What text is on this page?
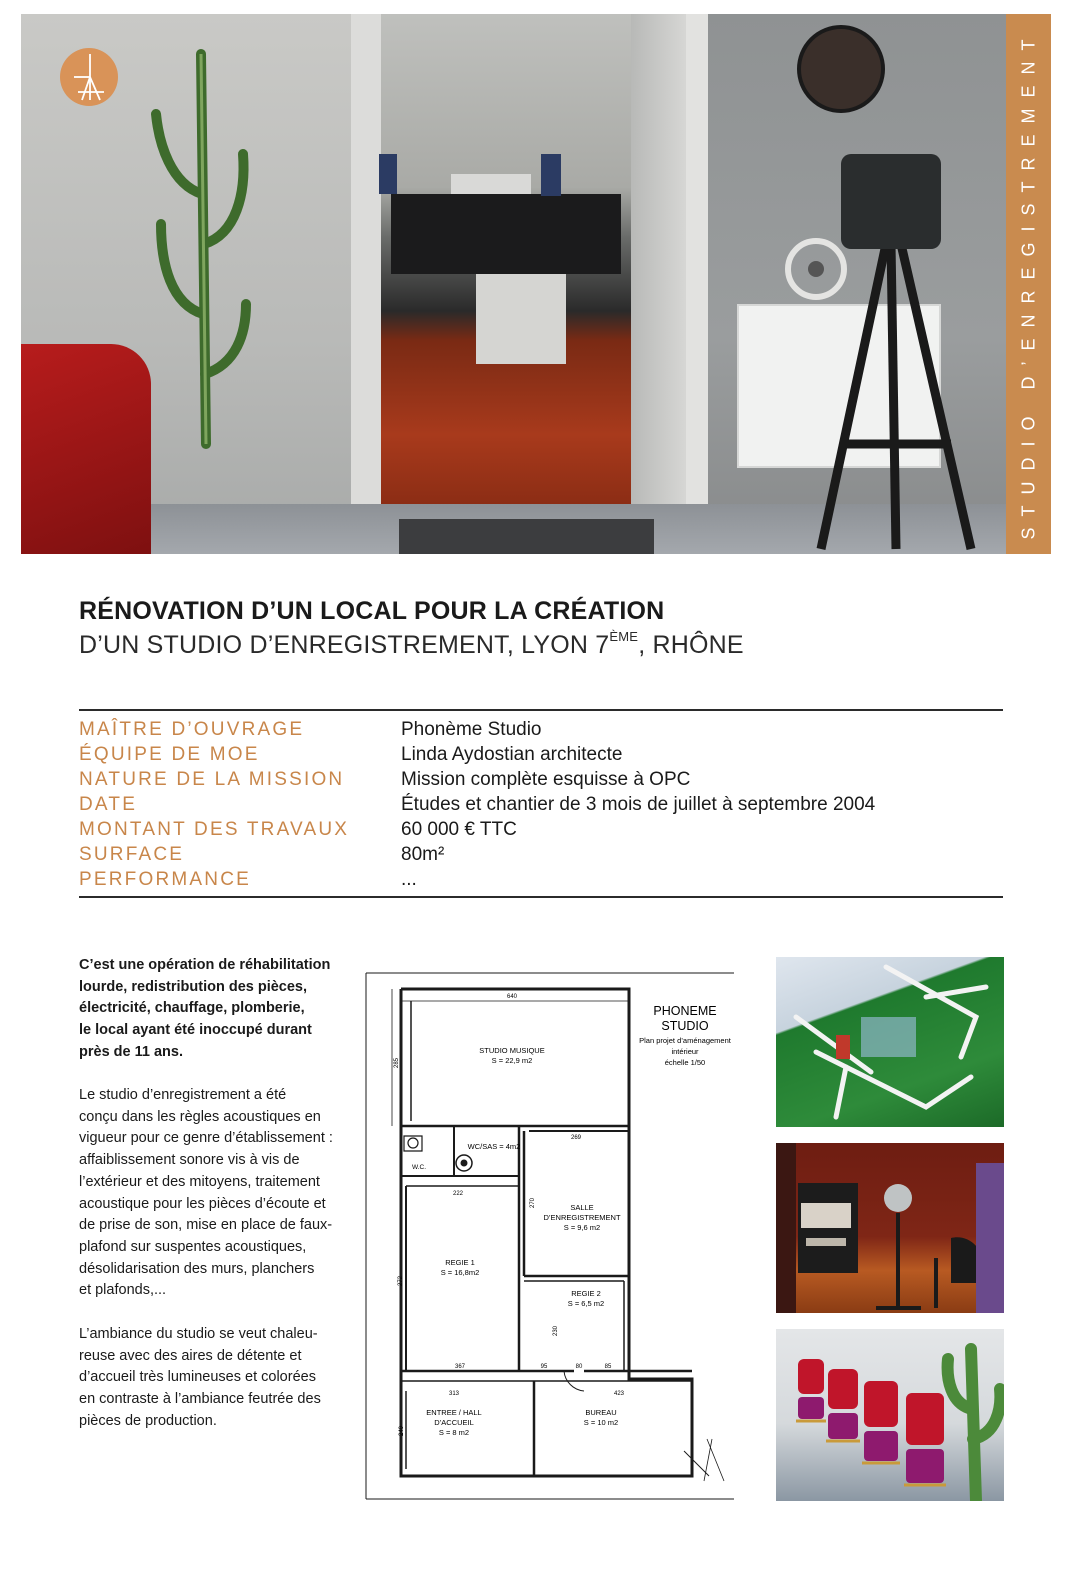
STUDIO D’ENREGISTREMENT
RÉNOVATION D’UN LOCAL POUR LA CRÉATION
D’UN STUDIO D’ENREGISTREMENT, LYON 7ÈME, RHÔNE
MAÎTRE D’OUVRAGE	Phonème Studio
ÉQUIPE DE MOE	Linda Aydostian architecte
NATURE DE LA MISSION	Mission complète esquisse à OPC
DATE	Études et chantier de 3 mois de juillet à septembre 2004
MONTANT DES TRAVAUX	60 000 € TTC
SURFACE	80m²
PERFORMANCE	...
C’est une opération de réhabilitation
lourde, redistribution des pièces,
électricité, chauffage, plomberie,
le local ayant été inoccupé durant
près de 11 ans.
Le studio d’enregistrement a été
conçu dans les règles acoustiques en
vigueur pour ce genre d’établissement :
affaiblissement sonore vis à vis de
l’extérieur et des mitoyens, traitement
acoustique pour les pièces d’écoute et
de prise de son, mise en place de faux-
plafond sur suspentes acoustiques,
désolidarisation des murs, planchers
et plafonds,...
L’ambiance du studio se veut chaleu-
reuse avec des aires de détente et
d’accueil très lumineuses et colorées
en contraste à l’ambiance feutrée des
pièces de production.
PHONEME
STUDIO
Plan projet d’aménagement
intérieur
échelle 1/50
STUDIO MUSIQUE
S = 22,9 m2
WC/SAS = 4m2
W.C.
SALLE
D’ENREGISTREMENT
S = 9,6 m2
REGIE 1
S = 16,8m2
REGIE 2
S = 6,5 m2
ENTREE / HALL
D’ACCUEIL
S = 8 m2
BUREAU
S = 10 m2
640
285
269
222
272
270
230
367	95	80	85
313	423
240
